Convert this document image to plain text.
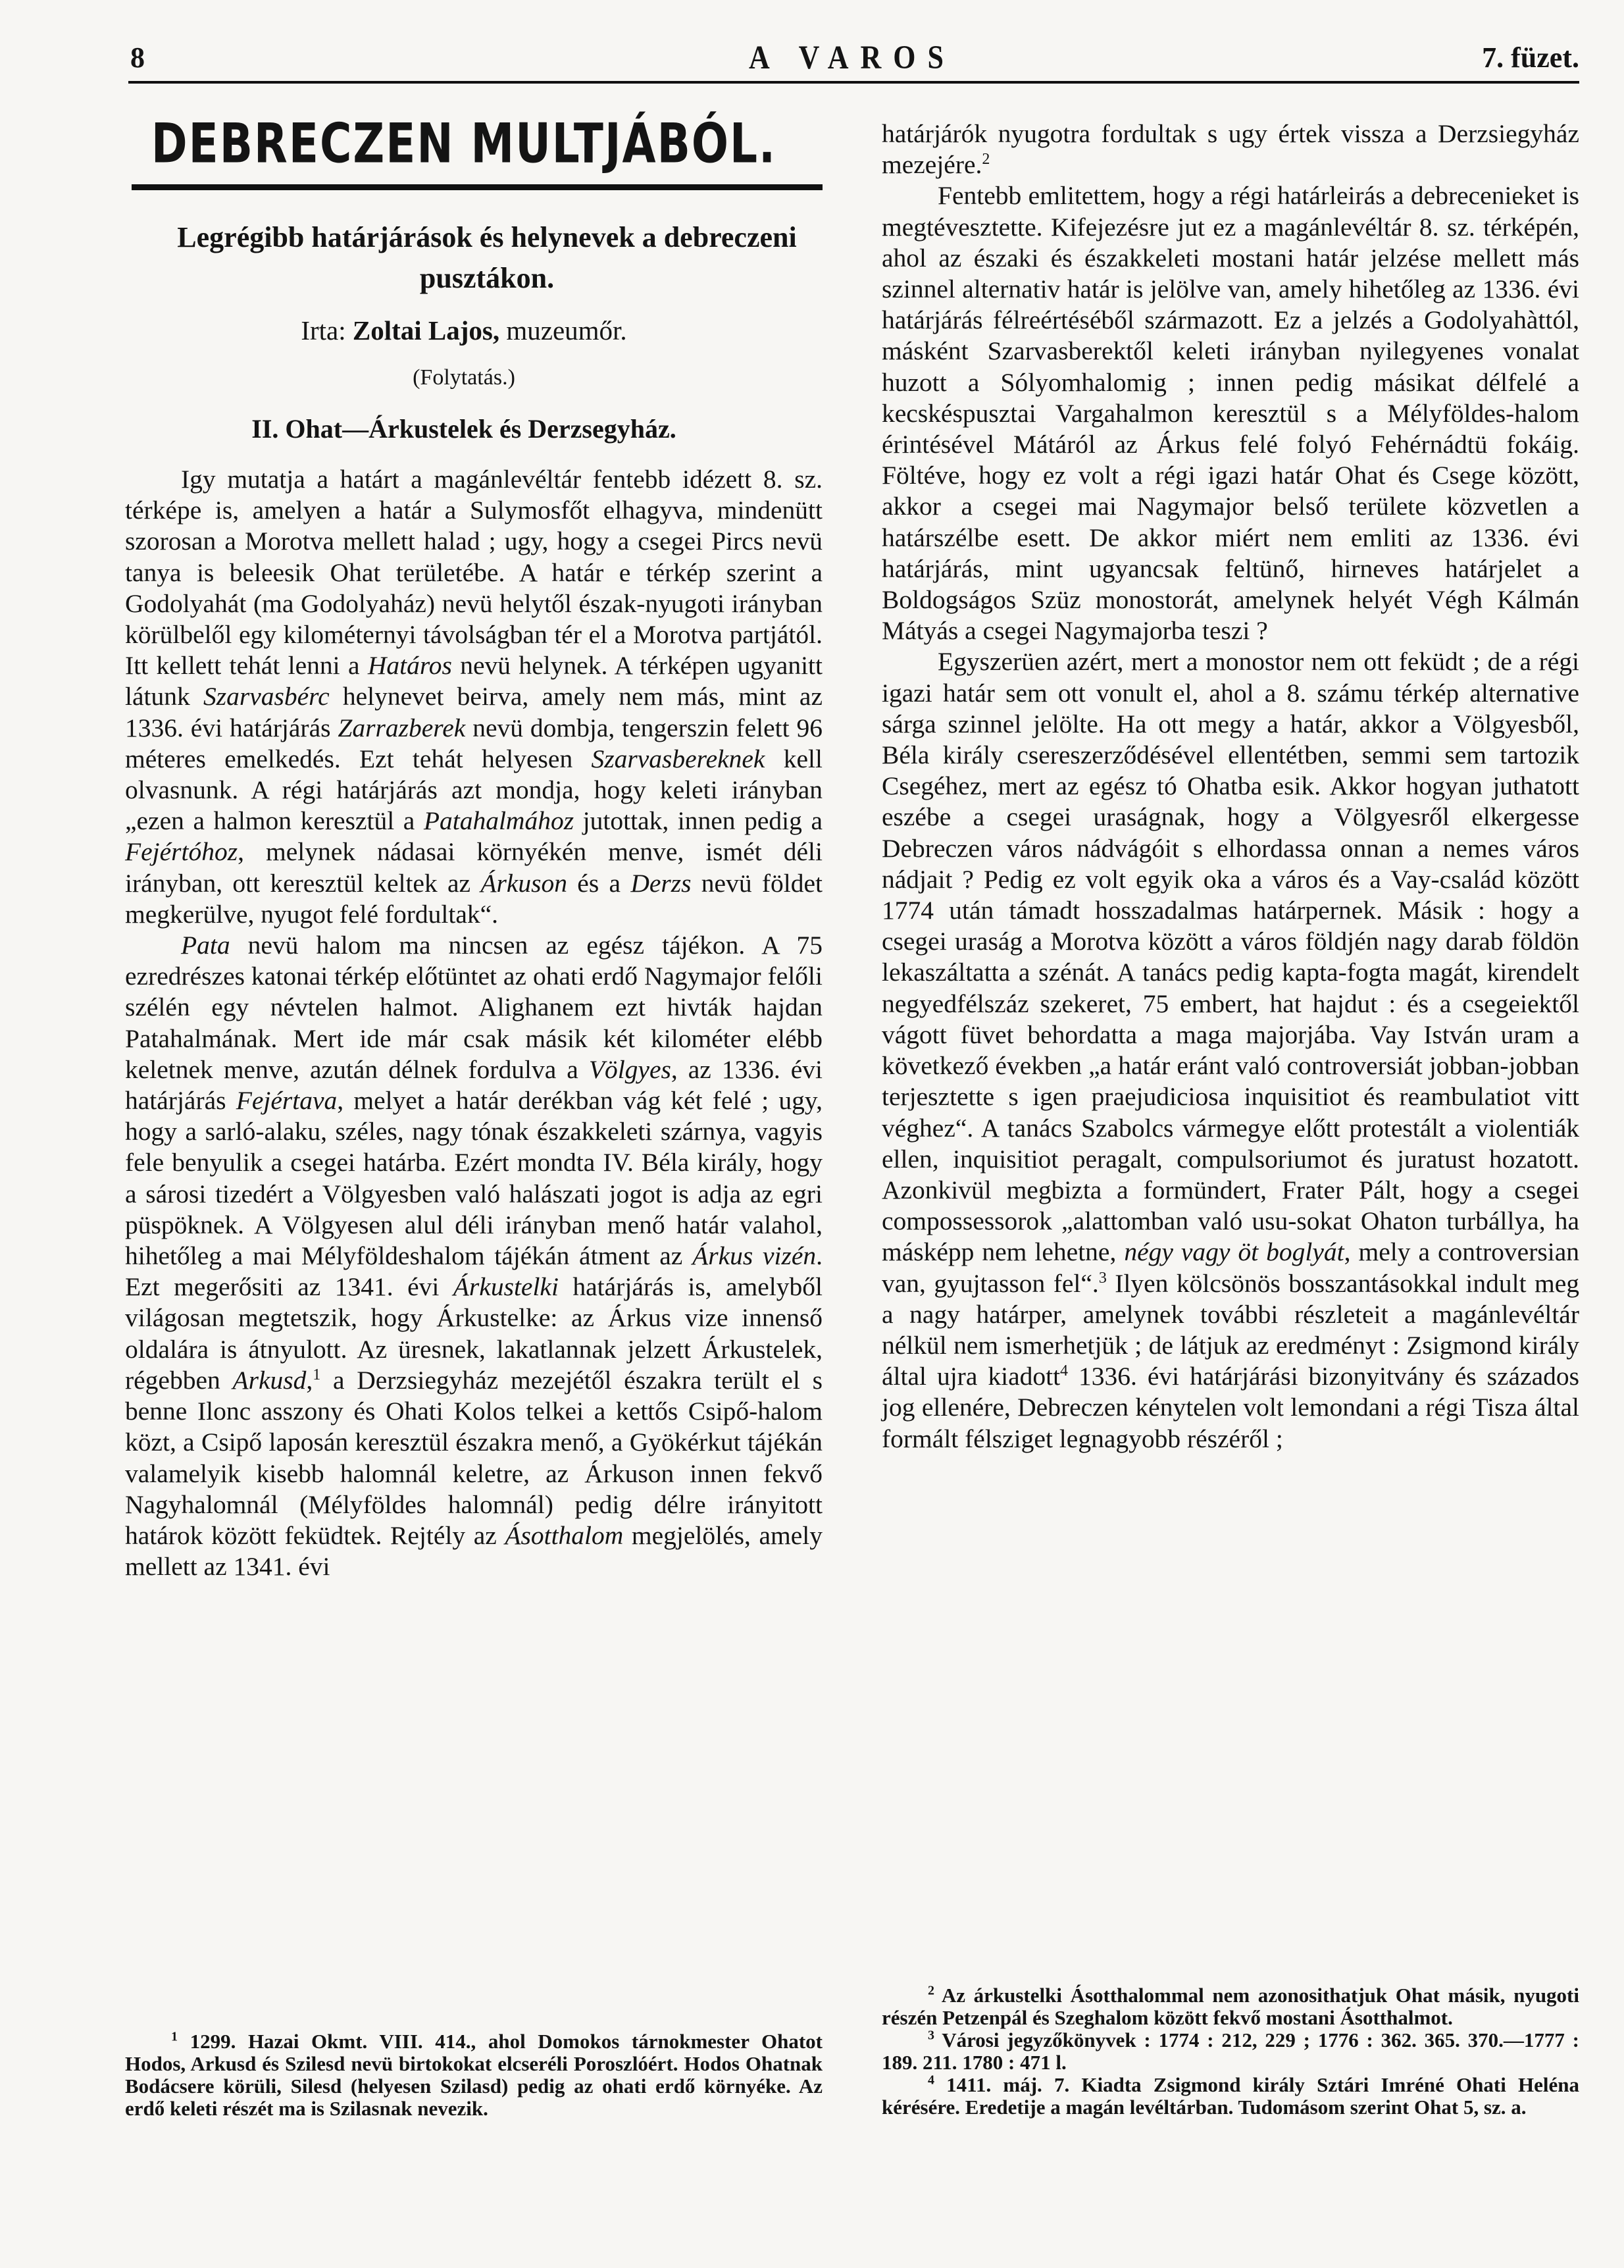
8	A VAROS	7. füzet.
DEBRECZEN MULTJÁBÓL.
Legrégibb határjárások és helynevek a debreczeni pusztákon.
Irta: Zoltai Lajos, muzeumőr.
(Folytatás.)
II. Ohat—Árkustelek és Derzsegyház.

Igy mutatja a határt a magánlevéltár fentebb idézett 8. sz. térképe is, amelyen a határ a Sulymosfőt elhagyva, mindenütt szorosan a Morotva mellett halad ; ugy, hogy a csegei Pircs nevü tanya is beleesik Ohat területébe. A határ e térkép szerint a Godolyahát (ma Godolyaház) nevü helytől észak-nyugoti irányban körülbelől egy kilométernyi távolságban tér el a Morotva partjától. Itt kellett tehát lenni a Határos nevü helynek. A térképen ugyanitt látunk Szarvasbérc helynevet beirva, amely nem más, mint az 1336. évi határjárás Zarrazberek nevü dombja, tengerszin felett 96 méteres emelkedés. Ezt tehát helyesen Szarvasbereknek kell olvasnunk. A régi határjárás azt mondja, hogy keleti irányban „ezen a halmon keresztül a Patahalmához jutottak, innen pedig a Fejértóhoz, melynek nádasai környékén menve, ismét déli irányban, ott keresztül keltek az Árkuson és a Derzs nevü földet megkerülve, nyugot felé fordultak“.

Pata nevü halom ma nincsen az egész tájékon. A 75 ezredrészes katonai térkép előtüntet az ohati erdő Nagymajor felőli szélén egy névtelen halmot. Alighanem ezt hivták hajdan Patahalmának. Mert ide már csak másik két kilométer elébb keletnek menve, azután délnek fordulva a Völgyes, az 1336. évi határjárás Fejértava, melyet a határ derékban vág két felé ; ugy, hogy a sarló-alaku, széles, nagy tónak északkeleti szárnya, vagyis fele benyulik a csegei határba. Ezért mondta IV. Béla király, hogy a sárosi tizedért a Völgyesben való halászati jogot is adja az egri püspöknek. A Völgyesen alul déli irányban menő határ valahol, hihetőleg a mai Mélyföldeshalom tájékán átment az Árkus vizén. Ezt megerősiti az 1341. évi Árkustelki határjárás is, amelyből világosan megtetszik, hogy Árkustelke: az Árkus vize innenső oldalára is átnyulott. Az üresnek, lakatlannak jelzett Árkustelek, régebben Arkusd,$^1$ a Derzsiegyház mezejétől északra terült el s benne Ilonc asszony és Ohati Kolos telkei a kettős Csipő-halom közt, a Csipő laposán keresztül északra menő, a Gyökérkut tájékán valamelyik kisebb halomnál keletre, az Árkuson innen fekvő Nagyhalomnál (Mélyföldes halomnál) pedig délre irányitott határok között feküdtek. Rejtély az Ásotthalom megjelölés, amely mellett az 1341. évi

$^1$ 1299. Hazai Okmt. VIII. 414., ahol Domokos tárnokmester Ohatot Hodos, Arkusd és Szilesd nevü birtokokat elcseréli Poroszlóért. Hodos Ohatnak Bodácsere körüli, Silesd (helyesen Szilasd) pedig az ohati erdő környéke. Az erdő keleti részét ma is Szilasnak nevezik.

határjárók nyugotra fordultak s ugy értek vissza a Derzsiegyház mezejére.$^2$

Fentebb emlitettem, hogy a régi határleirás a debrecenieket is megtévesztette. Kifejezésre jut ez a magánlevéltár 8. sz. térképén, ahol az északi és északkeleti mostani határ jelzése mellett más szinnel alternativ határ is jelölve van, amely hihetőleg az 1336. évi határjárás félreértéséből származott. Ez a jelzés a Godolyahàttól, másként Szarvasberektől keleti irányban nyilegyenes vonalat huzott a Sólyomhalomig ; innen pedig másikat délfelé a kecskéspusztai Vargahalmon keresztül s a Mélyföldes-halom érintésével Mátáról az Árkus felé folyó Fehérnádtü fokáig. Föltéve, hogy ez volt a régi igazi határ Ohat és Csege között, akkor a csegei mai Nagymajor belső területe közvetlen a határszélbe esett. De akkor miért nem emliti az 1336. évi határjárás, mint ugyancsak feltünő, hirneves határjelet a Boldogságos Szüz monostorát, amelynek helyét Végh Kálmán Mátyás a csegei Nagymajorba teszi ?

Egyszerüen azért, mert a monostor nem ott feküdt ; de a régi igazi határ sem ott vonult el, ahol a 8. számu térkép alternative sárga szinnel jelölte. Ha ott megy a határ, akkor a Völgyesből, Béla király csereszerződésével ellentétben, semmi sem tartozik Csegéhez, mert az egész tó Ohatba esik. Akkor hogyan juthatott eszébe a csegei uraságnak, hogy a Völgyesről elkergesse Debreczen város nádvágóit s elhordassa onnan a nemes város nádjait ? Pedig ez volt egyik oka a város és a Vay-család között 1774 után támadt hosszadalmas határpernek. Másik : hogy a csegei uraság a Morotva között a város földjén nagy darab földön lekaszáltatta a szénát. A tanács pedig kapta-fogta magát, kirendelt negyedfélszáz szekeret, 75 embert, hat hajdut : és a csegeiektől vágott füvet behordatta a maga majorjába. Vay István uram a következő években „a határ eránt való controversiát jobban-jobban terjesztette s igen praejudiciosa inquisitiot és reambulatiot vitt véghez“. A tanács Szabolcs vármegye előtt protestált a violentiák ellen, inquisitiot peragalt, compulsoriumot és juratust hozatott. Azonkivül megbizta a formündert, Frater Pált, hogy a csegei compossessorok „alattomban való usu-sokat Ohaton turbállya, ha másképp nem lehetne, négy vagy öt boglyát, mely a controversian van, gyujtasson fel“.$^3$ Ilyen kölcsönös bosszantásokkal indult meg a nagy határper, amelynek további részleteit a magánlevéltár nélkül nem ismerhetjük ; de látjuk az eredményt : Zsigmond király által ujra kiadott$^4$ 1336. évi határjárási bizonyitvány és százados jog ellenére, Debreczen kénytelen volt lemondani a régi Tisza által formált félsziget legnagyobb részéről ;

$^2$ Az árkustelki Ásotthalommal nem azonosithatjuk Ohat másik, nyugoti részén Petzenpál és Szeghalom között fekvő mostani Ásotthalmot.

$^3$ Városi jegyzőkönyvek : 1774 : 212, 229 ; 1776 : 362. 365. 370.—1777 : 189. 211. 1780 : 471 l.

$^4$ 1411. máj. 7. Kiadta Zsigmond király Sztári Imréné Ohati Heléna kérésére. Eredetije a magán levéltárban. Tudomásom szerint Ohat 5, sz. a.
